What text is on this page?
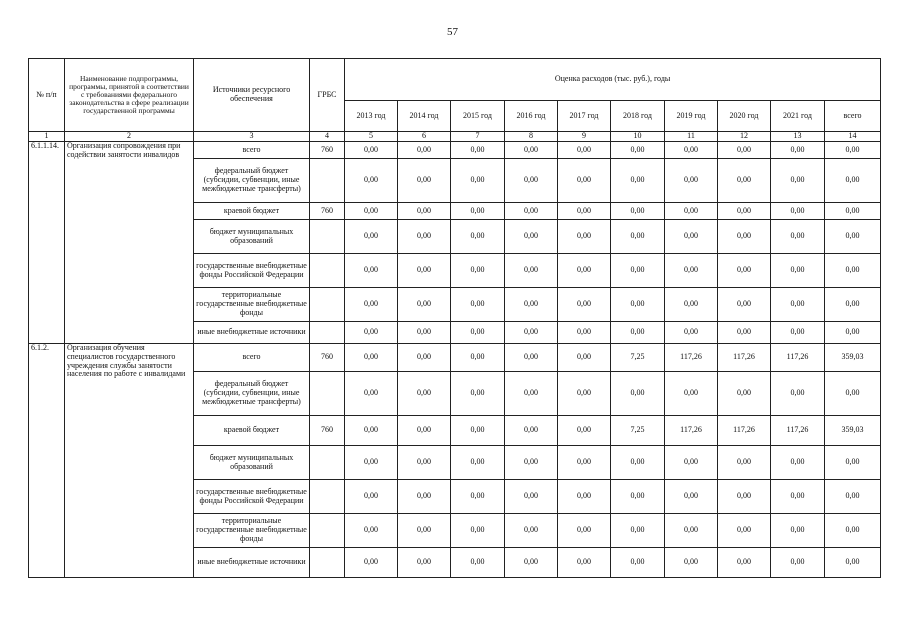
57
№ п/п	Наименование подпрограммы, программы, принятой в соответствии с требованиями федерального законодательства в сфере реализации государственной программы	Источники ресурсного обеспечения	ГРБС	Оценка расходов (тыс. руб.), годы									
				2013 год	2014 год	2015 год	2016 год	2017 год	2018 год	2019 год	2020 год	2021 год	всего
1	2	3	4	5	6	7	8	9	10	11	12	13	14
6.1.1.14.	Организация сопровождения при содействии занятости инвалидов	всего	760	0,00	0,00	0,00	0,00	0,00	0,00	0,00	0,00	0,00	0,00
		федеральный бюджет (субсидии, субвенции, иные межбюджетные трансферты)		0,00	0,00	0,00	0,00	0,00	0,00	0,00	0,00	0,00	0,00
		краевой бюджет	760	0,00	0,00	0,00	0,00	0,00	0,00	0,00	0,00	0,00	0,00
		бюджет муниципальных образований		0,00	0,00	0,00	0,00	0,00	0,00	0,00	0,00	0,00	0,00
		государственные внебюджетные фонды Российской Федерации		0,00	0,00	0,00	0,00	0,00	0,00	0,00	0,00	0,00	0,00
		территориальные государственные внебюджетные фонды		0,00	0,00	0,00	0,00	0,00	0,00	0,00	0,00	0,00	0,00
		иные внебюджетные источники		0,00	0,00	0,00	0,00	0,00	0,00	0,00	0,00	0,00	0,00
6.1.2.	Организация обучения специалистов государственного учреждения службы занятости населения по работе с инвалидами	всего	760	0,00	0,00	0,00	0,00	0,00	7,25	117,26	117,26	117,26	359,03
		федеральный бюджет (субсидии, субвенции, иные межбюджетные трансферты)		0,00	0,00	0,00	0,00	0,00	0,00	0,00	0,00	0,00	0,00
		краевой бюджет	760	0,00	0,00	0,00	0,00	0,00	7,25	117,26	117,26	117,26	359,03
		бюджет муниципальных образований		0,00	0,00	0,00	0,00	0,00	0,00	0,00	0,00	0,00	0,00
		государственные внебюджетные фонды Российской Федерации		0,00	0,00	0,00	0,00	0,00	0,00	0,00	0,00	0,00	0,00
		территориальные государственные внебюджетные фонды		0,00	0,00	0,00	0,00	0,00	0,00	0,00	0,00	0,00	0,00
		иные внебюджетные источники		0,00	0,00	0,00	0,00	0,00	0,00	0,00	0,00	0,00	0,00
